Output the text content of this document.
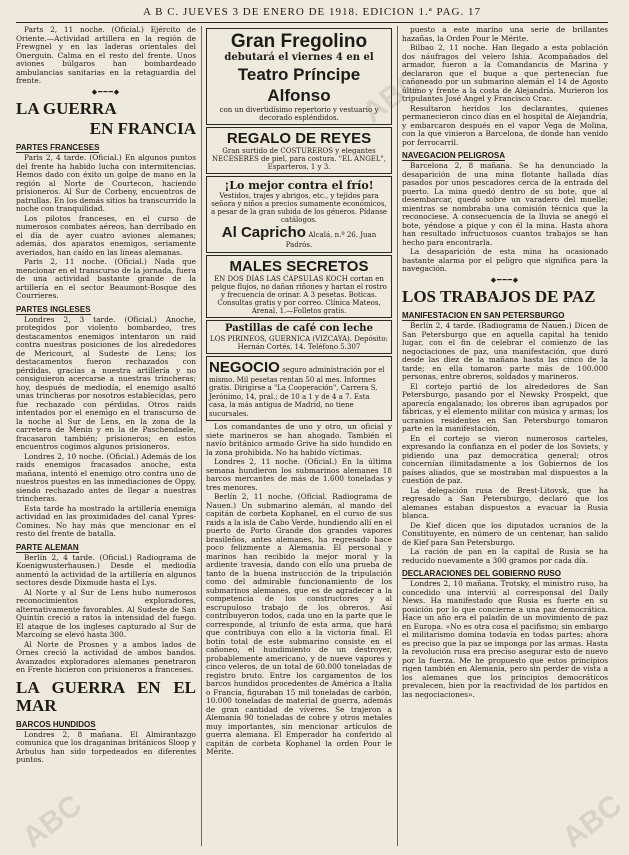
A B C. JUEVES 3 DE ENERO DE 1918. EDICION 1.ª PAG. 17

Parts 2, 11 noche. (Oficial.) Ejército de Oriente.—Actividad artillera en la región de Frewgnel y en las laderas orientales del Onerguin. Calma en el resto del frente. Unos aviones búlgaros han bombardeado ambulancias sanitarias en la retaguardia del frente.

◆━━━◆
LA GUERRA
EN FRANCIA
PARTES FRANCESES

Paris 2, 4 tarde. (Oficial.) En algunos puntos del frente ha habido lucha con intermitencias. Hemos dado con éxito un golpe de mano en la región al Norte de Courtecon, haciendo prisioneros. Al Sur de Corbeny, encuentros de patrullas. En los demás sitios ha transcurrido la noche con tranquilidad.

Los pilotos franceses, en el curso de numerosos combates aéreos, han derribado en el día de ayer cuatro aviones alemanes; además, dos aparatos enemigos, seriamente averiados, han caído en las líneas alemanas.

Paris 2, 11 noche. (Oficial.) Nada que mencionar en el transcurso de la jornada, fuera de una actividad bastante grande de la artillería en el sector Beaumont-Bosque des Courrieres.

PARTES INGLESES

Londres 2, 3 tarde. (Oficial.) Anoche, protegidos por violento bombardeo, tres destacamentos enemigos intentaron un raid contra nuestras posiciones de los alrededores de Mericourt, al Sudeste de Lens; los destacamentos fueron rechazados con pérdidas, gracias a nuestra artillería y no consiguieron acercarse a nuestras trincheras; hoy, después de mediodía, el enemigo asaltó unas trincheras por nosotros establecidas, pero fue rechazado con pérdidas. Otros raids intentados por el enemigo en el transcurso de la noche al Sur de Lens, en la zona de la carretera de Menin y en la de Paschendaele, fracasaron también; prisioneros; en estos encuentros cogimos algunos prisioneros.

Londres 2, 10 noche. (Oficial.) Además de los raids enemigos fracasados anoche, esta mañana, intentó el enemigo otro contra uno de nuestros puestos en las inmediaciones de Oppy, siendo rechazado antes de llegar a nuestras trincheras.

Esta tarde ha mostrado la artillería enemiga actividad en las proximidades del canal Ypres-Comines. No hay más que mencionar en el resto del frente de batalla.

PARTE ALEMAN

Berlín 2, 4 tarde. (Oficial.) Radiograma de Koenigwusterhausen.) Desde el mediodía aumentó la actividad de la artillería en algunos sectores desde Dixmude hasta el Lys.

Al Norte y al Sur de Lens hubo numerosos reconocimientos exploradores, alternativamente favorables. Al Sudeste de San Quintín creció a ratos la intensidad del fuego. El ataque de los ingleses capturado al Sur de Marcoing se elevó hasta 300.

Al Norte de Prosnes y a ambos lados de Ornes creció la actividad de ambos bandos. Avanzados exploradores alemanes penetraron en Frente hicieron con prisioneros a franceses.

LA GUERRA EN EL MAR
BARCOS HUNDIDOS

Londres 2, 8 mañana. El Almirantazgo comunica que los draganinas británicos Sloop y Arbulus han sido torpedeados en diferentes puntos.

Gran Fregolino
debutará el viernes 4 en el
Teatro Príncipe Alfonso
con un divertidísimo repertorio y vestuario y decorado espléndidos.
REGALO DE REYES
Gran surtido de COSTUREROS y elegantes NECESERES de piel, para costura. "EL ANGEL", Esparteros, 1 y 3.
¡Lo mejor contra el frío!
Vestidos, trajes y abrigos, etc., y tejidos para señora y niños a precios sumamente económicos, a pesar de la gran subida de los géneros. Pídanse catálogos.
Al Capricho Alcalá, n.º 26. Juan Padrós.
MALES SECRETOS
EN DOS DIAS LAS CAPSULAS KOCH cortan en pelgue flujos, no dañan riñones y hartan el rostro y frecuencia de orinar. A 3 pesetas. Boticas. Consultas gratis y por correo. Clínica Mateos, Arenal, 1.—Folletos gratis.
Pastillas de café con leche
LOS PIRINEOS, GUERNICA (VIZCAYA). Depósito: Hernán Cortés, 14. Teléfono 5.307
NEGOCIO seguro administración por el mismo. Mil pesetas rentan 50 al mes. Informes gratis. Dirigirse a "La Cooperación", Carrera S. Jerónimo, 14, pral.; de 10 a 1 y de 4 a 7. Esta casa, la más antigua de Madrid, no tiene sucursales.

Los comandantes de uno y otro, un oficial y siete marineros se han ahogado. También el navío británico armado Grive ha sido hundido en la zona prohibida. No ha habido víctimas.

Londres 2, 11 noche. (Oficial.) En la última semana hundieron los submarinos alemanes 18 barcos mercantes de más de 1.600 toneladas y tres menores.

Berlín 2, 11 noche. (Oficial. Radiograma de Nauen.) Un submarino alemán, al mando del capitán de corbeta Kophanel, en el curso de sus raids a la isla de Cabo Verde, hundiendo allí en el puerto de Porto Grande dos grandes vapores brasileños, antes alemanes, ha regresado hace poco felizmente a Alemania. El personal y marinos han recibido la mejor moral y la ardiente travesía, dando con ello una prueba de tanto de la buena instrucción de la tripulación como del admirable funcionamiento de los submarinos alemanes, que es de agradecer a la competencia de los constructores y al escrupuloso trabajo de los obreros. Así contribuyeron todos, cada uno en la parte que le corresponde, al triunfo de esta arma, que hará que contribuya con ello a la victoria final. El botín total de este submarino consiste en el cañoneo, el hundimiento de un destroyer, probablemente americano, y de nueve vapores y cinco veleros, de un total de 60.000 toneladas de registro bruto. Entre los cargamentos de los barcos hundidos procedentes de América a Italia o Francia, figuraban 15 mil toneladas de carbón, 10.000 toneladas de material de guerra, además de gran cantidad de víveres. Se trajeron a Alemania 90 toneladas de cobre y otros metales muy importantes, sin mencionar artículos de guerra alemana. El Emperador ha conferido al capitán de corbeta Kophanel la orden Pour le Mérite.

puesto a este marino una serie de brillantes hazañas, la Orden Pour le Mérite.

Bilbao 2, 11 noche. Han llegado a esta población dos náufragos del velero Ishia. Acompañados del armador, fueron a la Comandancia de Marina y declararon que el buque a que pertenecían fue cañoneado por un submarino alemán el 14 de Agosto último y frente a la costa de Alejandría. Murieron los tripulantes José Angel y Francisco Crac.

Resultaron heridos los declarantes, quienes permanecieron cinco días en el hospital de Alejandría, y embarcaron después en el vapor Vega de Molina, con la que vinieron a Barcelona, de donde han venido por ferrocarril.

NAVEGACION PELIGROSA

Barcelona 2, 8 mañana. Se ha denunciado la desaparición de una mina flotante hallada días pasados por unos pescadores cerca de la entrada del puerto. La mina quedó dentro de su bote, que al desembarcar, quedó sobre un varadero del muelle; mientras se nombraba una comisión técnica que la reconociese. A consecuencia de la lluvia se anegó el bote, yéndose a pique y con él la mina. Hasta ahora han resultado infructuosos cuantos trabajos se han hecho para encontrarla.

La desaparición de esta mina ha ocasionado bastante alarma por el peligro que significa para la navegación.

◆━━━◆
LOS TRABAJOS DE PAZ
MANIFESTACION EN SAN PETERSBURGO

Berlín 2, 4 tarde. (Radiograma de Nauen.) Dicen de San Petersburgo que en aquella capital ha tenido lugar, con el fin de celebrar el comienzo de las negociaciones de paz, una manifestación, que duró desde las diez de la mañana hasta las cinco de la tarde; en ella tomaron parte más de 100.000 personas, entre obreros, soldados y marineros.

El cortejo partió de los alrededores de San Petersburgo, pasando por el Newsky Prospekt, que aparecía engalanado; los obreros iban agrupados por fábricas, y el elemento militar con música y armas; los ucranios residentes en San Petersburgo tomaron parte en la manifestación.

En el cortejo se vieron numerosos carteles, expresando la confianza en el poder de los Soviets, y pidiendo una paz democrática general; otros concernían ilimitadamente a los Gobiernos de los países aliados, que se mostraban mal dispuestos a la cuestión de paz.

La delegación rusa de Brest-Litovsk, que ha regresado a San Petersburgo, declaró que los alemanes estaban dispuestos a evacuar la Rusia blanca.

De Kief dicen que los diputados ucranios de la Constituyente, en número de un centenar, han salido de Kief para San Petersburgo.

La ración de pan en la capital de Rusia se ha reducido nuevamente a 300 gramos por cada día.

DECLARACIONES DEL GOBIERNO RUSO

Londres 2, 10 mañana. Trotsky, el ministro ruso, ha concedido una interviú al corresponsal del Daily News. Ha manifestado que Rusia es fuerte en su posición por lo que concierne a una paz democrática. Hace un año era el paladín de un movimiento de paz en Europa. «No es otra cosa el pacifismo; sin embargo el militarismo domina todavía en todas partes; ahora es preciso que la paz se imponga por las armas. Hasta la revolución rusa era preciso asegurar esto de nuevo por la fuerza. Me he propuesto que estos principios rigen también en Alemania, pero sin perder de vista a los alemanes que los principios democráticos prevalecen, bien por la reactividad de los partidos en las negociaciones».

ABC
ABC	ABC
